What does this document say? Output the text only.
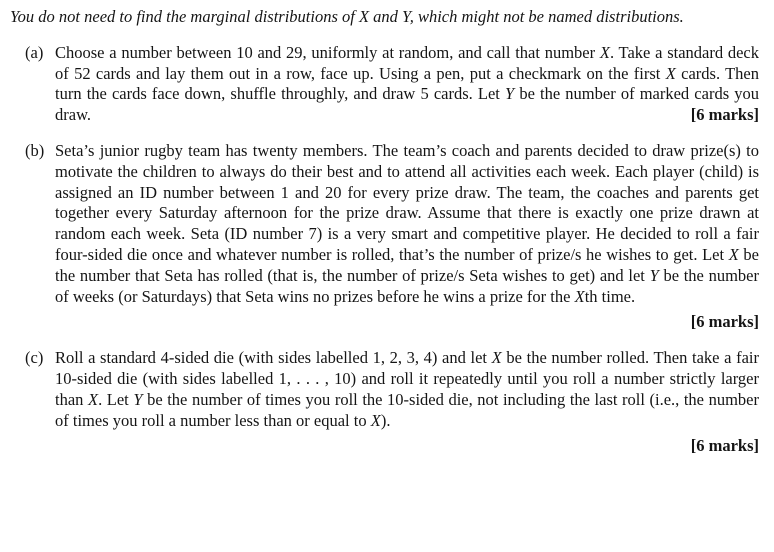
You do not need to find the marginal distributions of X and Y, which might not be named distributions.

(a) Choose a number between 10 and 29, uniformly at random, and call that number X. Take a standard deck of 52 cards and lay them out in a row, face up. Using a pen, put a checkmark on the first X cards. Then turn the cards face down, shuffle throughly, and draw 5 cards. Let Y be the number of marked cards you draw.	[6 marks]

(b) Seta’s junior rugby team has twenty members. The team’s coach and parents decided to draw prize(s) to motivate the children to always do their best and to attend all activities each week. Each player (child) is assigned an ID number between 1 and 20 for every prize draw. The team, the coaches and parents get together every Saturday afternoon for the prize draw. Assume that there is exactly one prize drawn at random each week. Seta (ID number 7) is a very smart and competitive player. He decided to roll a fair four-sided die once and whatever number is rolled, that’s the number of prize/s he wishes to get. Let X be the number that Seta has rolled (that is, the number of prize/s Seta wishes to get) and let Y be the number of weeks (or Saturdays) that Seta wins no prizes before he wins a prize for the Xth time.

[6 marks]
(c) Roll a standard 4-sided die (with sides labelled 1, 2, 3, 4) and let X be the number rolled. Then take a fair 10-sided die (with sides labelled 1, . . . , 10) and roll it repeatedly until you roll a number strictly larger than X. Let Y be the number of times you roll the 10-sided die, not including the last roll (i.e., the number of times you roll a number less than or equal to X).

[6 marks]
